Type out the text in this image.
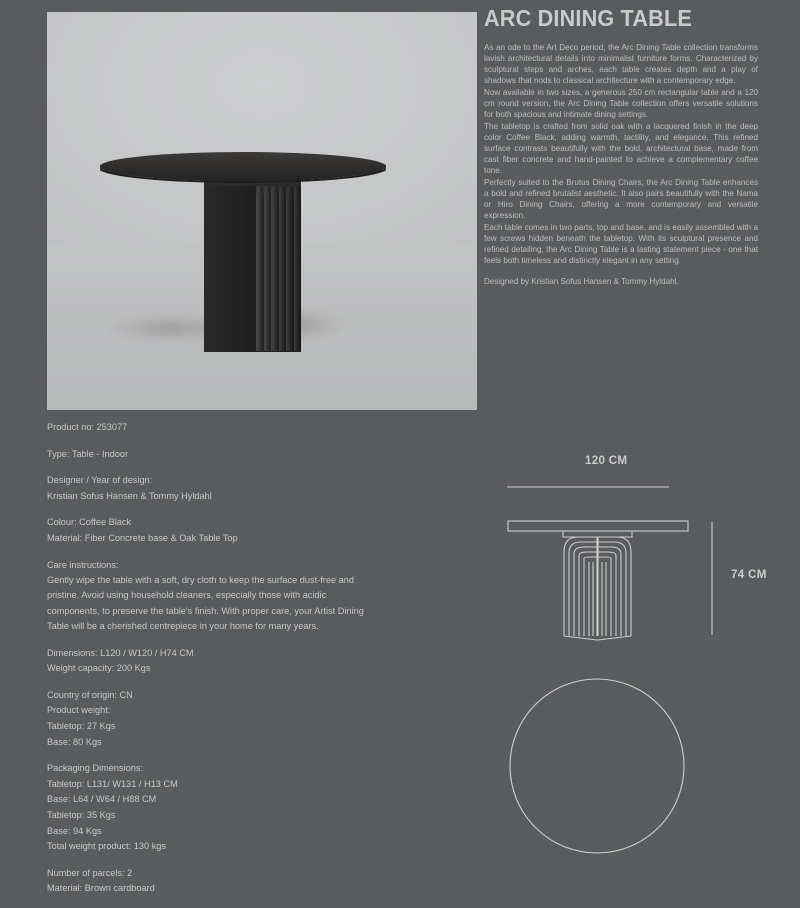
ARC DINING TABLE

As an ode to the Art Deco period, the Arc Dining Table collection transforms lavish architectural details into minimalist furniture forms. Characterized by sculptural steps and arches, each table creates depth and a play of shadows that nods to classical architecture with a contemporary edge.

Now available in two sizes, a generous 250 cm rectangular table and a 120 cm round version, the Arc Dining Table collection offers versatile solutions for both spacious and intimate dining settings.

The tabletop is crafted from solid oak with a lacquered finish in the deep color Coffee Black, adding warmth, tactility, and elegance. This refined surface contrasts beautifully with the bold, architectural base, made from cast fiber concrete and hand-painted to achieve a complementary coffee tone.

Perfectly suited to the Brutus Dining Chairs, the Arc Dining Table enhances a bold and refined brutalist aesthetic. It also pairs beautifully with the Nama or Hiro Dining Chairs, offering a more contemporary and versatile expression.

Each table comes in two parts, top and base, and is easily assembled with a few screws hidden beneath the tabletop. With its sculptural presence and refined detailing, the Arc Dining Table is a lasting statement piece - one that feels both timeless and distinctly elegant in any setting.

Designed by Kristian Sofus Hansen & Tommy Hyldahl.

Product no: 253077
Type: Table - Indoor
Designer / Year of design:
Kristian Sofus Hansen & Tommy Hyldahl
Colour: Coffee Black
Material: Fiber Concrete base & Oak Table Top
Care instructions:

Gently wipe the table with a soft, dry cloth to keep the surface dust-free and pristine. Avoid using household cleaners, especially those with acidic components, to preserve the table's finish. With proper care, your Artist Dining Table will be a cherished centrepiece in your home for many years.

Dimensions: L120 / W120 / H74 CM
Weight capacity: 200 Kgs
Country of origin: CN
Product weight:
Tabletop: 27 Kgs
Base: 80 Kgs
Packaging Dimensions:
Tabletop: L131/ W131 / H13 CM
Base: L64 / W64 / H88 CM
Tabletop: 35 Kgs
Base: 94 Kgs
Total weight product: 130 kgs
Number of parcels: 2
Material: Brown cardboard
120 CM
74 CM
